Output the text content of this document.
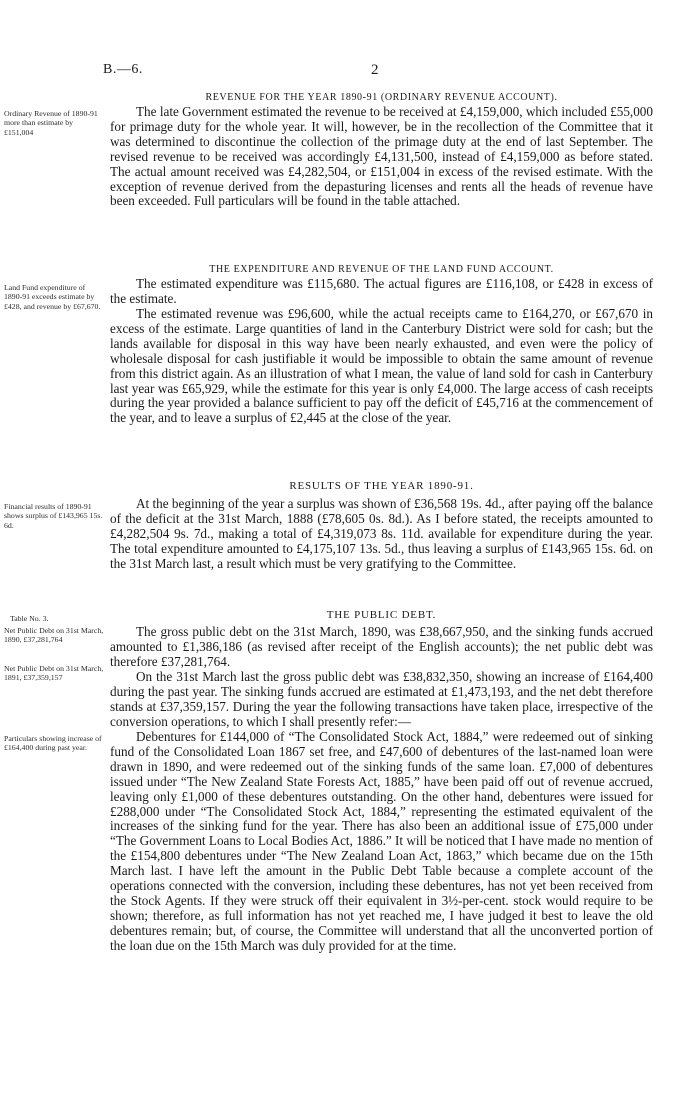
B.—6.	2
REVENUE FOR THE YEAR 1890-91 (ORDINARY REVENUE ACCOUNT).
Ordinary Revenue of 1890-91 more than estimate by £151,004

The late Government estimated the revenue to be received at £4,159,000, which included £55,000 for primage duty for the whole year. It will, however, be in the recollection of the Committee that it was determined to discontinue the collection of the primage duty at the end of last September. The revised revenue to be received was accordingly £4,131,500, instead of £4,159,000 as before stated. The actual amount received was £4,282,504, or £151,004 in excess of the revised estimate. With the exception of revenue derived from the depasturing licenses and rents all the heads of revenue have been exceeded. Full particulars will be found in the table attached.

THE EXPENDITURE AND REVENUE OF THE LAND FUND ACCOUNT.
Land Fund expenditure of 1890-91 exceeds estimate by £428, and revenue by £67,670.

The estimated expenditure was £115,680. The actual figures are £116,108, or £428 in excess of the estimate.

The estimated revenue was £96,600, while the actual receipts came to £164,270, or £67,670 in excess of the estimate. Large quantities of land in the Canterbury District were sold for cash; but the lands available for disposal in this way have been nearly exhausted, and even were the policy of wholesale disposal for cash justifiable it would be impossible to obtain the same amount of revenue from this district again. As an illustration of what I mean, the value of land sold for cash in Canterbury last year was £65,929, while the estimate for this year is only £4,000. The large access of cash receipts during the year provided a balance sufficient to pay off the deficit of £45,716 at the commencement of the year, and to leave a surplus of £2,445 at the close of the year.

RESULTS OF THE YEAR 1890-91.
Financial results of 1890-91 shows surplus of £143,965 15s. 6d.

At the beginning of the year a surplus was shown of £36,568 19s. 4d., after paying off the balance of the deficit at the 31st March, 1888 (£78,605 0s. 8d.). As I before stated, the receipts amounted to £4,282,504 9s. 7d., making a total of £4,319,073 8s. 11d. available for expenditure during the year. The total expenditure amounted to £4,175,107 13s. 5d., thus leaving a surplus of £143,965 15s. 6d. on the 31st March last, a result which must be very gratifying to the Committee.

THE PUBLIC DEBT.
Table No. 3.
Net Public Debt on 31st March, 1890, £37,281,764
Net Public Debt on 31st March, 1891, £37,359,157
Particulars showing increase of £164,400 during past year.

The gross public debt on the 31st March, 1890, was £38,667,950, and the sinking funds accrued amounted to £1,386,186 (as revised after receipt of the English accounts); the net public debt was therefore £37,281,764.

On the 31st March last the gross public debt was £38,832,350, showing an increase of £164,400 during the past year. The sinking funds accrued are estimated at £1,473,193, and the net debt therefore stands at £37,359,157. During the year the following transactions have taken place, irrespective of the conversion operations, to which I shall presently refer:—

Debentures for £144,000 of “The Consolidated Stock Act, 1884,” were redeemed out of sinking fund of the Consolidated Loan 1867 set free, and £47,600 of debentures of the last-named loan were drawn in 1890, and were redeemed out of the sinking funds of the same loan. £7,000 of debentures issued under “The New Zealand State Forests Act, 1885,” have been paid off out of revenue accrued, leaving only £1,000 of these debentures outstanding. On the other hand, debentures were issued for £288,000 under “The Consolidated Stock Act, 1884,” representing the estimated equivalent of the increases of the sinking fund for the year. There has also been an additional issue of £75,000 under “The Government Loans to Local Bodies Act, 1886.” It will be noticed that I have made no mention of the £154,800 debentures under “The New Zealand Loan Act, 1863,” which became due on the 15th March last. I have left the amount in the Public Debt Table because a complete account of the operations connected with the conversion, including these debentures, has not yet been received from the Stock Agents. If they were struck off their equivalent in 3½-per-cent. stock would require to be shown; therefore, as full information has not yet reached me, I have judged it best to leave the old debentures remain; but, of course, the Committee will understand that all the unconverted portion of the loan due on the 15th March was duly provided for at the time.
